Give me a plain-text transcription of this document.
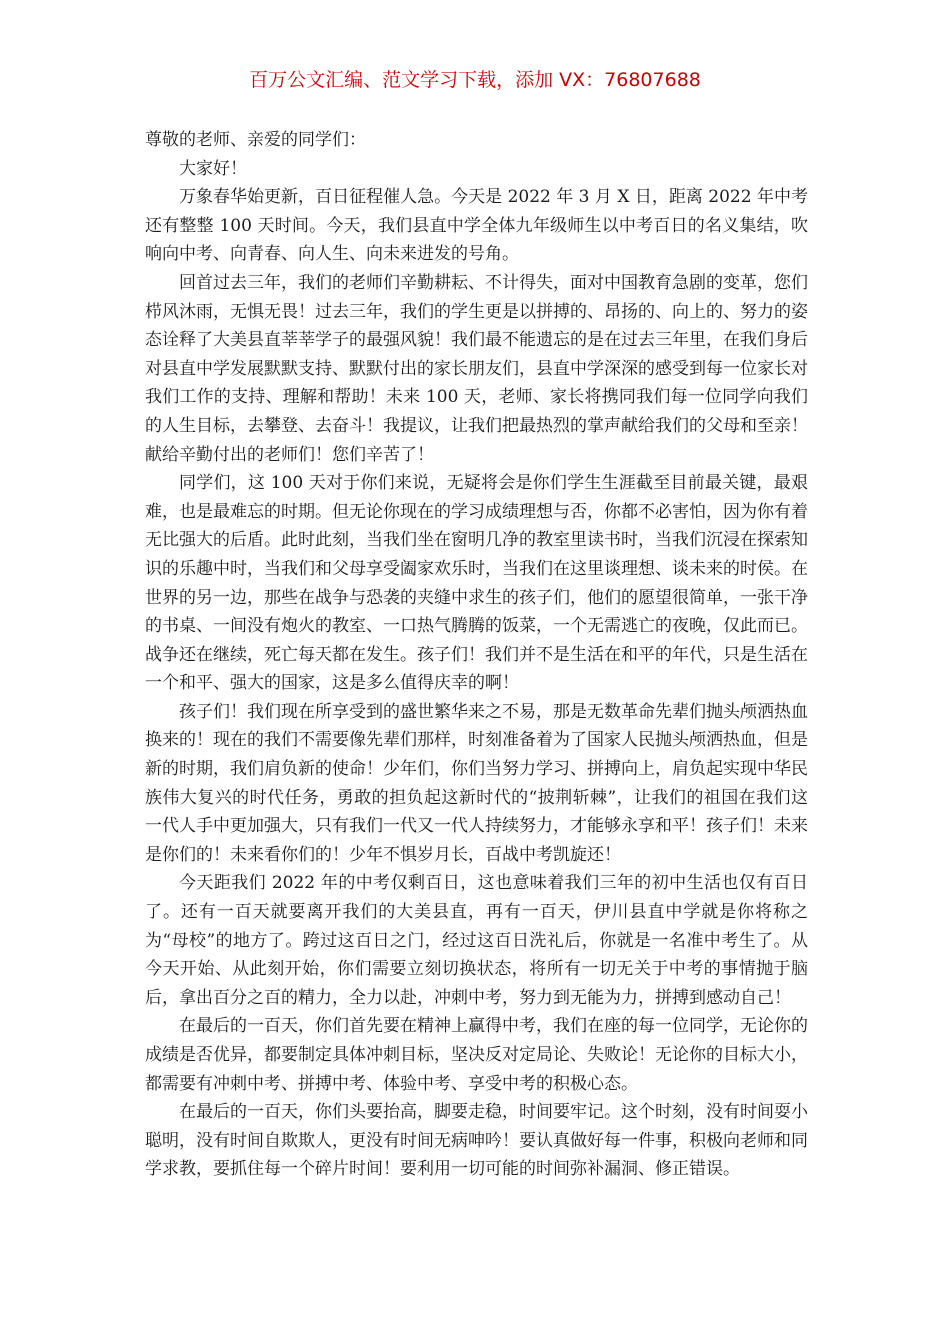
百万公文汇编、范文学习下载，添加 VX：76807688

尊敬的老师、亲爱的同学们：

大家好！

万象春华始更新，百日征程催人急。今天是 2022 年 3 月 X 日，距离 2022 年中考还有整整 100 天时间。今天，我们县直中学全体九年级师生以中考百日的名义集结，吹响向中考、向青春、向人生、向未来进发的号角。

回首过去三年，我们的老师们辛勤耕耘、不计得失，面对中国教育急剧的变革，您们栉风沐雨，无惧无畏！过去三年，我们的学生更是以拼搏的、昂扬的、向上的、努力的姿态诠释了大美县直莘莘学子的最强风貌！我们最不能遗忘的是在过去三年里，在我们身后对县直中学发展默默支持、默默付出的家长朋友们，县直中学深深的感受到每一位家长对我们工作的支持、理解和帮助！未来 100 天，老师、家长将携同我们每一位同学向我们的人生目标，去攀登、去奋斗！我提议，让我们把最热烈的掌声献给我们的父母和至亲！献给辛勤付出的老师们！您们辛苦了！

同学们，这 100 天对于你们来说，无疑将会是你们学生生涯截至目前最关键，最艰难，也是最难忘的时期。但无论你现在的学习成绩理想与否，你都不必害怕，因为你有着无比强大的后盾。此时此刻，当我们坐在窗明几净的教室里读书时，当我们沉浸在探索知识的乐趣中时，当我们和父母享受阖家欢乐时，当我们在这里谈理想、谈未来的时侯。在世界的另一边，那些在战争与恐袭的夹缝中求生的孩子们，他们的愿望很简单，一张干净的书桌、一间没有炮火的教室、一口热气腾腾的饭菜，一个无需逃亡的夜晚，仅此而已。战争还在继续，死亡每天都在发生。孩子们！我们并不是生活在和平的年代，只是生活在一个和平、强大的国家，这是多么值得庆幸的啊！

孩子们！我们现在所享受到的盛世繁华来之不易，那是无数革命先辈们抛头颅洒热血换来的！现在的我们不需要像先辈们那样，时刻准备着为了国家人民抛头颅洒热血，但是新的时期，我们肩负新的使命！少年们，你们当努力学习、拼搏向上，肩负起实现中华民族伟大复兴的时代任务，勇敢的担负起这新时代的“披荆斩棘”，让我们的祖国在我们这一代人手中更加强大，只有我们一代又一代人持续努力，才能够永享和平！孩子们！未来是你们的！未来看你们的！少年不惧岁月长，百战中考凯旋还！

今天距我们 2022 年的中考仅剩百日，这也意味着我们三年的初中生活也仅有百日了。还有一百天就要离开我们的大美县直，再有一百天，伊川县直中学就是你将称之为“母校”的地方了。跨过这百日之门，经过这百日洗礼后，你就是一名准中考生了。从今天开始、从此刻开始，你们需要立刻切换状态，将所有一切无关于中考的事情抛于脑后，拿出百分之百的精力，全力以赴，冲刺中考，努力到无能为力，拼搏到感动自己！

在最后的一百天，你们首先要在精神上赢得中考，我们在座的每一位同学，无论你的成绩是否优异，都要制定具体冲刺目标，坚决反对定局论、失败论！无论你的目标大小，都需要有冲刺中考、拼搏中考、体验中考、享受中考的积极心态。

在最后的一百天，你们头要抬高，脚要走稳，时间要牢记。这个时刻，没有时间耍小聪明，没有时间自欺欺人，更没有时间无病呻吟！要认真做好每一件事，积极向老师和同学求教，要抓住每一个碎片时间！要利用一切可能的时间弥补漏洞、修正错误。
